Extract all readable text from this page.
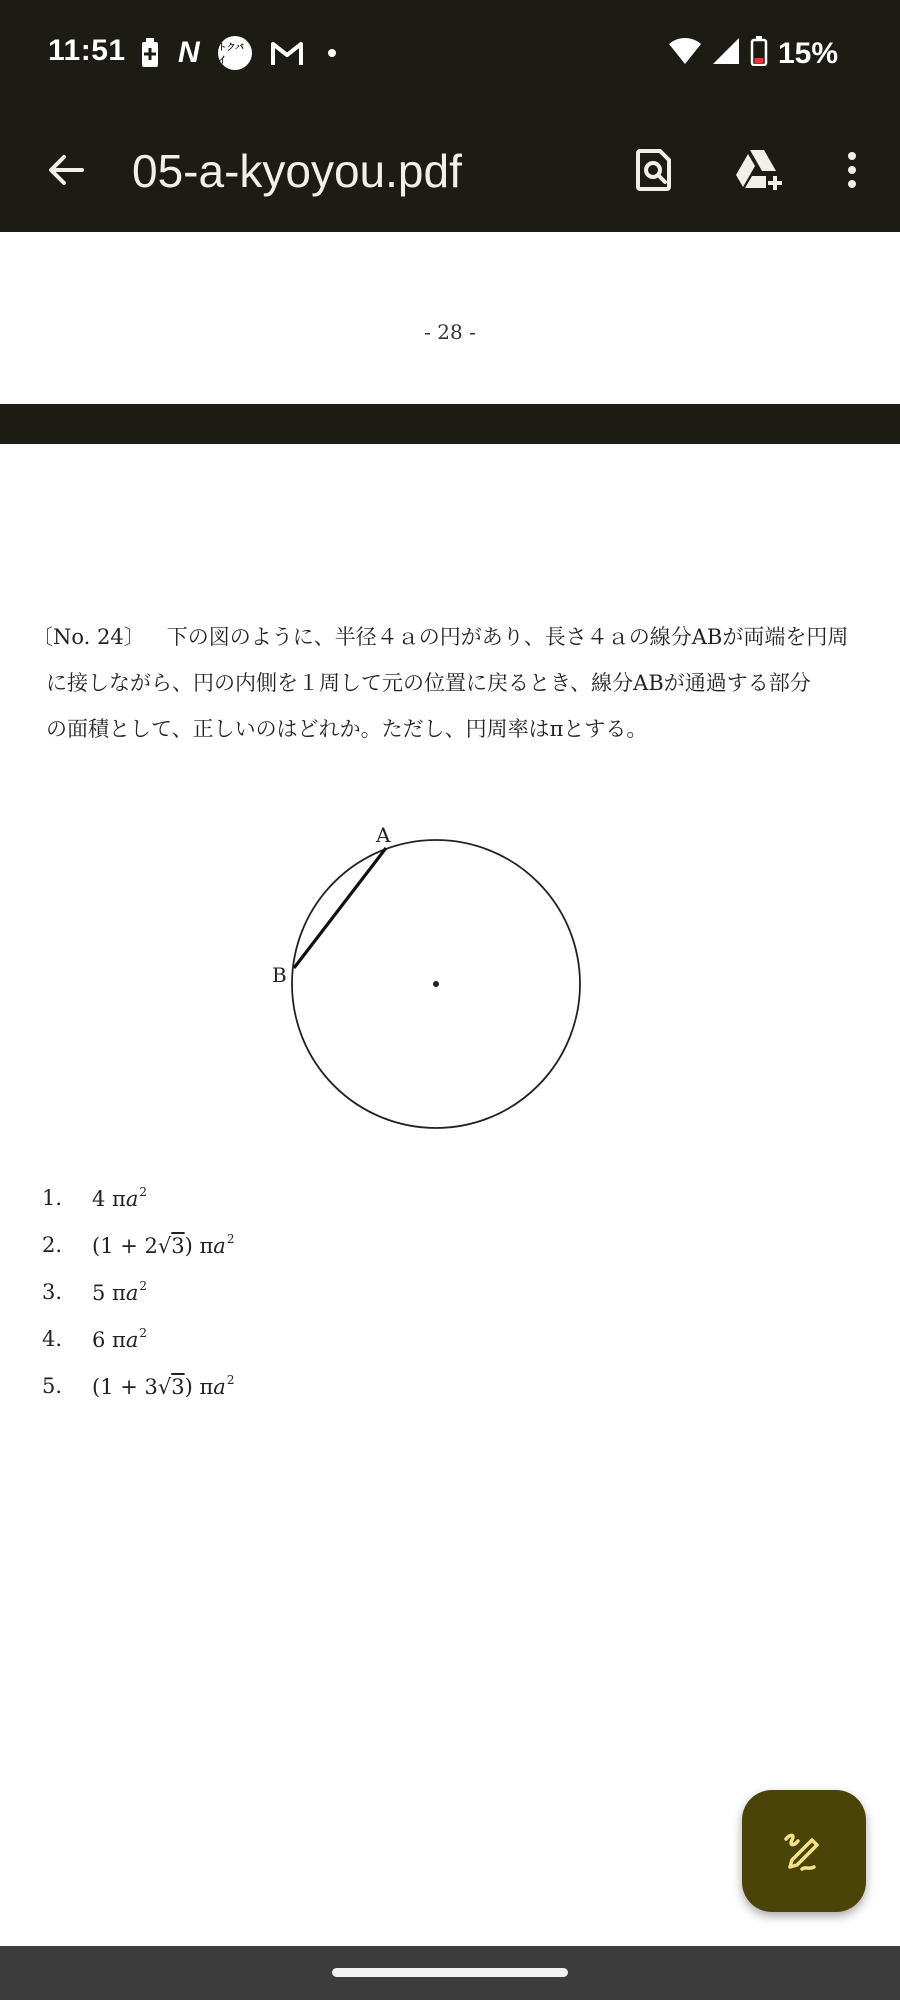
11:51 N トクバイ	15%
05-a-kyoyou.pdf
- 28 -
〔No. 24〕 下の図のように、半径４ａの円があり、長さ４ａの線分ABが両端を円周
に接しながら、円の内側を１周して元の位置に戻るとき、線分ABが通過する部分
の面積として、正しいのはどれか。ただし、円周率はπとする。
A
B
1.	4 $\pi a^2$
2.	(1 + 2√3) $\pi a^2$
3.	5 $\pi a^2$
4.	6 $\pi a^2$
5.	(1 + 3√3) $\pi a^2$
